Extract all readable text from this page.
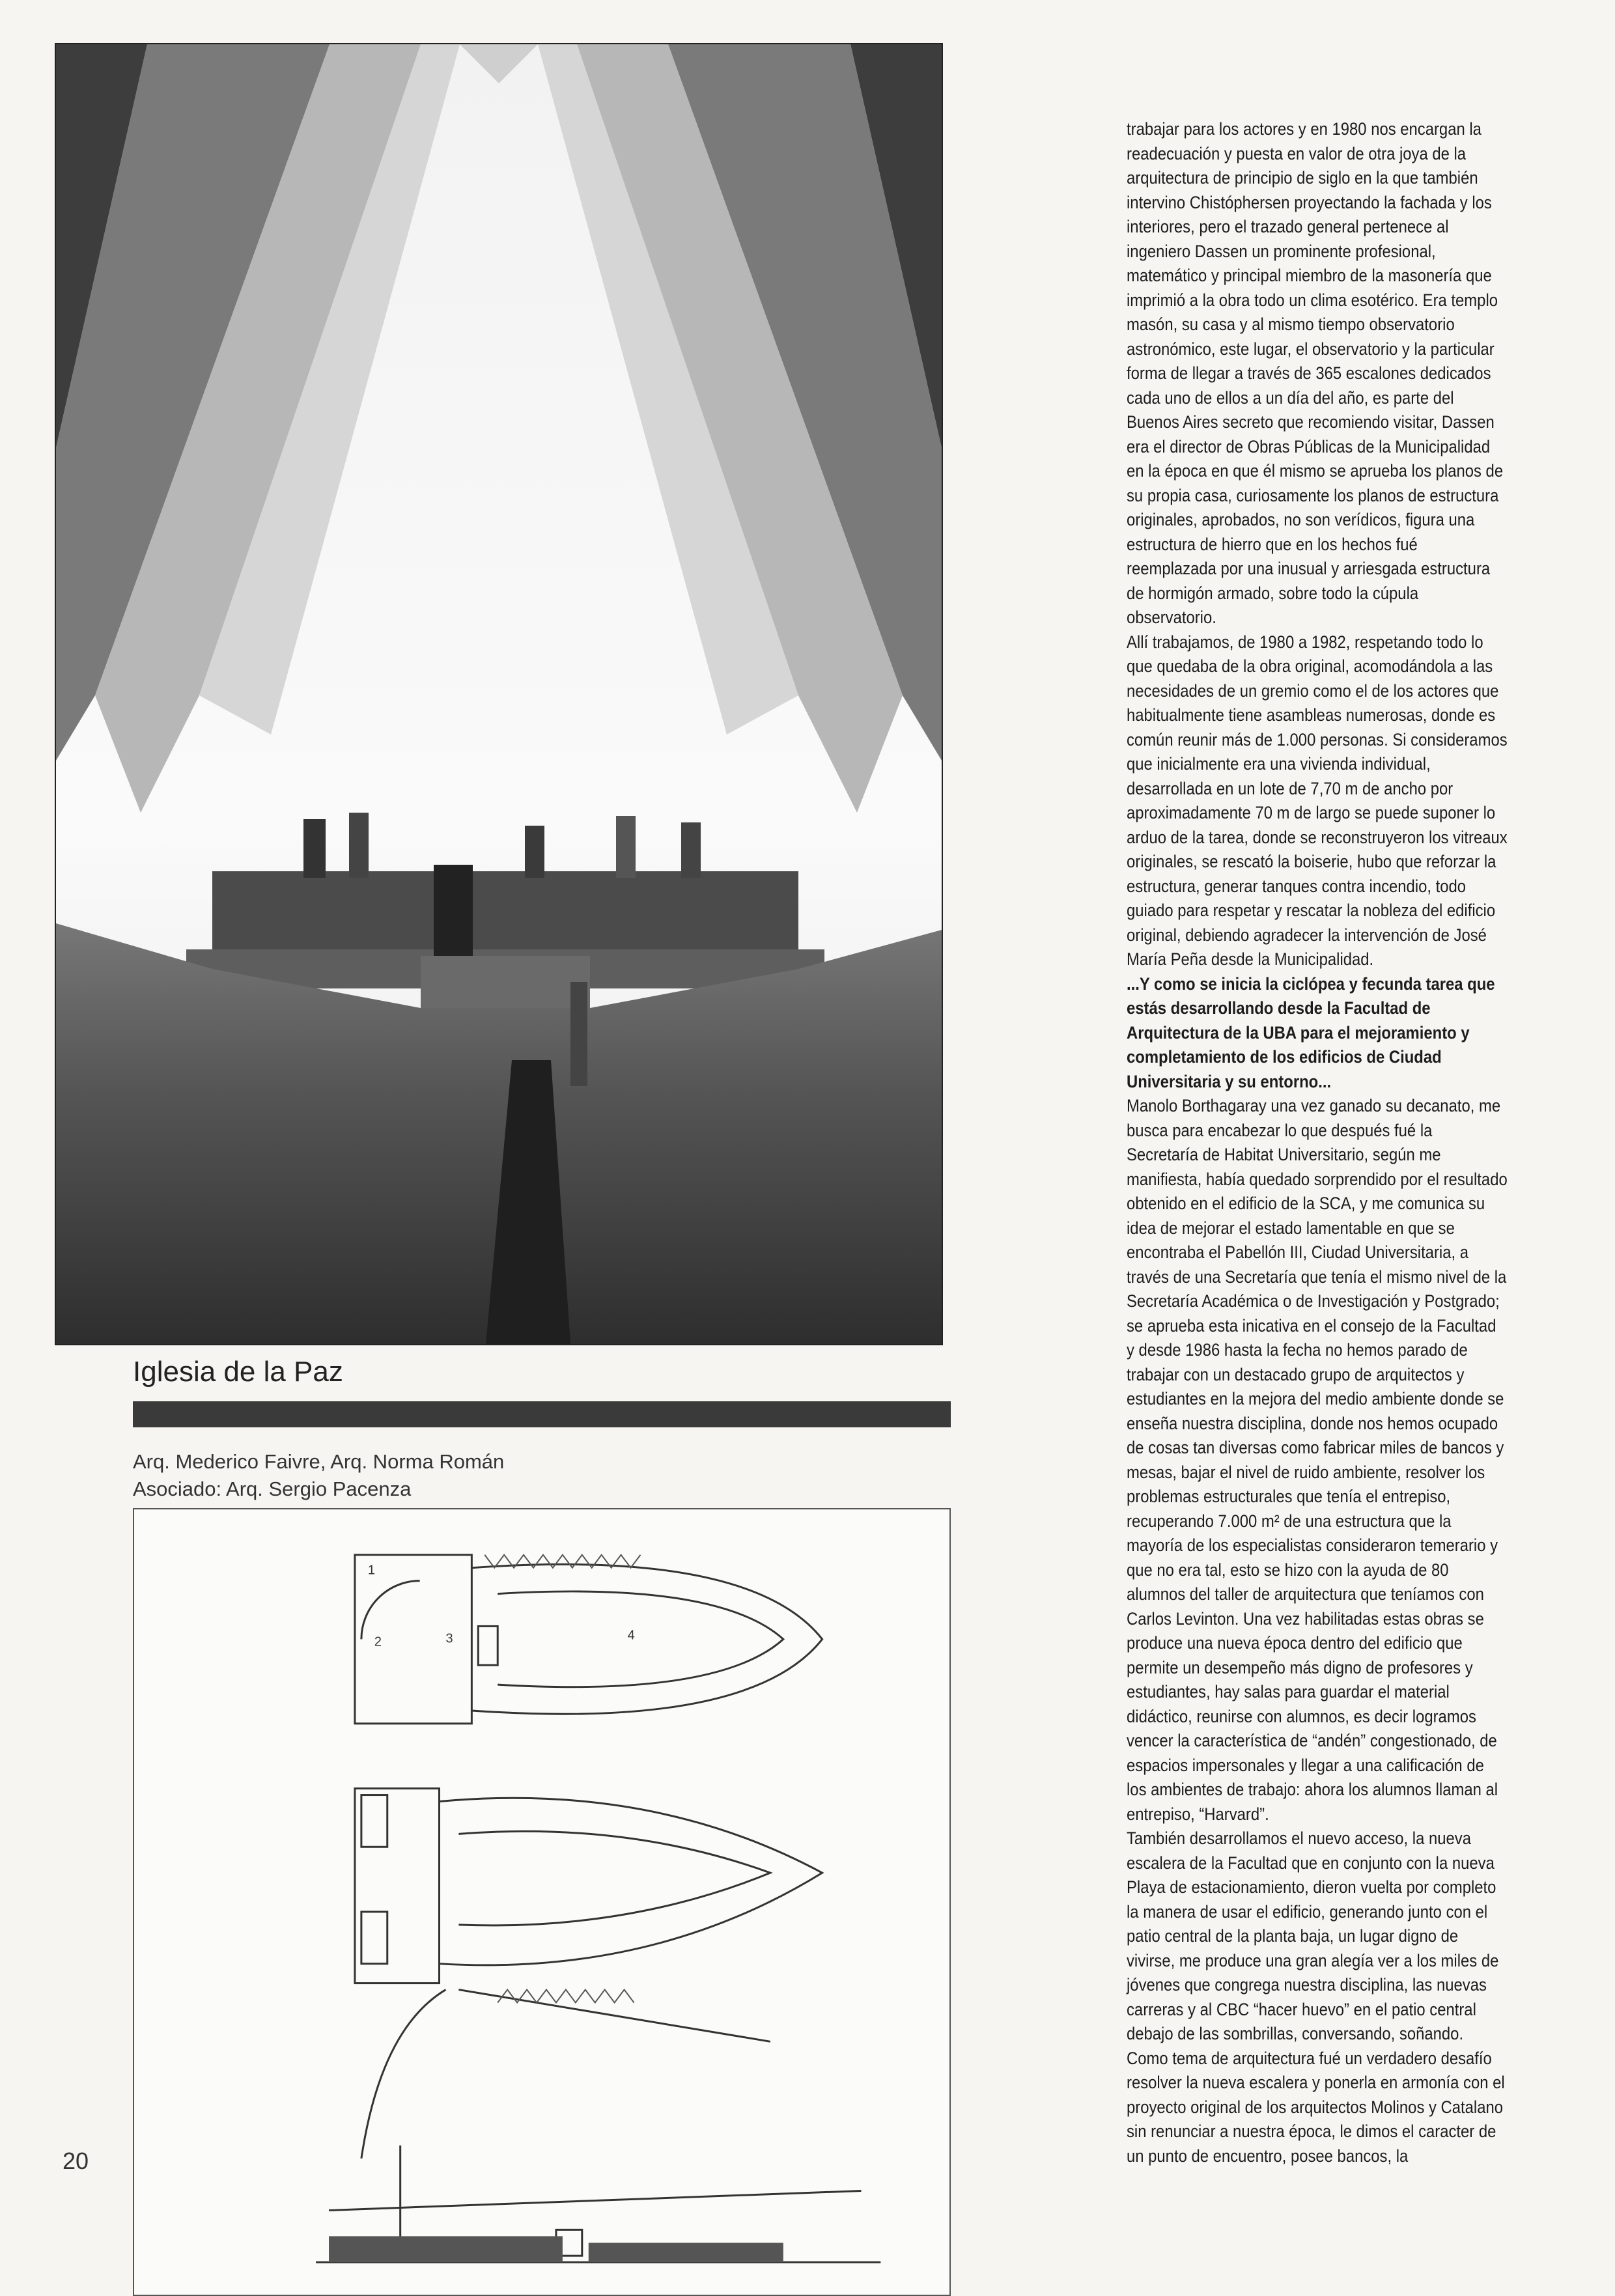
Iglesia de la Paz
Arq. Mederico Faivre, Arq. Norma Román
Asociado: Arq. Sergio Pacenza
1
2	3	4
20

trabajar para los actores y en 1980 nos encargan la readecuación y puesta en valor de otra joya de la arquitectura de principio de siglo en la que también intervino Chistóphersen proyectando la fachada y los interiores, pero el trazado general pertenece al ingeniero Dassen un prominente profesional, matemático y principal miembro de la masonería que imprimió a la obra todo un clima esotérico. Era templo masón, su casa y al mismo tiempo observatorio astronómico, este lugar, el observatorio y la particular forma de llegar a través de 365 escalones dedicados cada uno de ellos a un día del año, es parte del Buenos Aires secreto que recomiendo visitar, Dassen era el director de Obras Públicas de la Municipalidad en la época en que él mismo se aprueba los planos de su propia casa, curiosamente los planos de estructura originales, aprobados, no son verídicos, figura una estructura de hierro que en los hechos fué reemplazada por una inusual y arriesgada estructura de hormigón armado, sobre todo la cúpula observatorio.

Allí trabajamos, de 1980 a 1982, respetando todo lo que quedaba de la obra original, acomodándola a las necesidades de un gremio como el de los actores que habitualmente tiene asambleas numerosas, donde es común reunir más de 1.000 personas. Si consideramos que inicialmente era una vivienda individual, desarrollada en un lote de 7,70 m de ancho por aproximadamente 70 m de largo se puede suponer lo arduo de la tarea, donde se reconstruyeron los vitreaux originales, se rescató la boiserie, hubo que reforzar la estructura, generar tanques contra incendio, todo guiado para respetar y rescatar la nobleza del edificio original, debiendo agradecer la intervención de José María Peña desde la Municipalidad.

...Y como se inicia la ciclópea y fecunda tarea que estás desarrollando desde la Facultad de Arquitectura de la UBA para el mejoramiento y completamiento de los edificios de Ciudad Universitaria y su entorno...

Manolo Borthagaray una vez ganado su decanato, me busca para encabezar lo que después fué la Secretaría de Habitat Universitario, según me manifiesta, había quedado sorprendido por el resultado obtenido en el edificio de la SCA, y me comunica su idea de mejorar el estado lamentable en que se encontraba el Pabellón III, Ciudad Universitaria, a través de una Secretaría que tenía el mismo nivel de la Secretaría Académica o de Investigación y Postgrado; se aprueba esta inicativa en el consejo de la Facultad y desde 1986 hasta la fecha no hemos parado de trabajar con un destacado grupo de arquitectos y estudiantes en la mejora del medio ambiente donde se enseña nuestra disciplina, donde nos hemos ocupado de cosas tan diversas como fabricar miles de bancos y mesas, bajar el nivel de ruido ambiente, resolver los problemas estructurales que tenía el entrepiso, recuperando 7.000 m² de una estructura que la mayoría de los especialistas consideraron temerario y que no era tal, esto se hizo con la ayuda de 80 alumnos del taller de arquitectura que teníamos con Carlos Levinton. Una vez habilitadas estas obras se produce una nueva época dentro del edificio que permite un desempeño más digno de profesores y estudiantes, hay salas para guardar el material didáctico, reunirse con alumnos, es decir logramos vencer la característica de “andén” congestionado, de espacios impersonales y llegar a una calificación de los ambientes de trabajo: ahora los alumnos llaman al entrepiso, “Harvard”.

También desarrollamos el nuevo acceso, la nueva escalera de la Facultad que en conjunto con la nueva Playa de estacionamiento, dieron vuelta por completo la manera de usar el edificio, generando junto con el patio central de la planta baja, un lugar digno de vivirse, me produce una gran alegía ver a los miles de jóvenes que congrega nuestra disciplina, las nuevas carreras y al CBC “hacer huevo” en el patio central debajo de las sombrillas, conversando, soñando.

Como tema de arquitectura fué un verdadero desafío resolver la nueva escalera y ponerla en armonía con el proyecto original de los arquitectos Molinos y Catalano sin renunciar a nuestra época, le dimos el caracter de un punto de encuentro, posee bancos, la
